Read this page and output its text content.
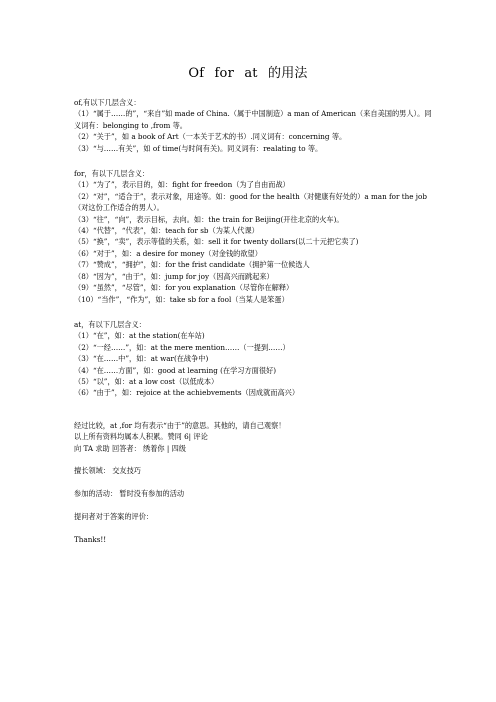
Of for at 的用法
of,有以下几层含义：
（1）“属于……的”，“来自”如 made of China.（属于中国制造）a man of American（来自美国的男人）。同义词有：belonging to ,from 等。
（2）“关于”，如 a book of Art（一本关于艺术的书）.同义词有：concerning 等。
（3）“与……有关”，如 of time(与时间有关)。同义词有：realating to 等。
for，有以下几层含义：
（1）“为了”，表示目的，如：fight for freedon（为了自由而战）
（2）“对”，“适合于”，表示对象，用途等。如：good for the health（对健康有好处的）a man for the job （对这份工作适合的男人）。
（3）“往”，“向”，表示目标，去向。如：the train for Beijing(开往北京的火车)。
（4）“代替”，“代表”，如：teach for sb（为某人代课）
（5）“换”，“卖”，表示等值的关系，如：sell it for twenty dollars(以二十元把它卖了)
（6）“对于”，如：a desire for money（对金钱的欲望）
（7）“赞成”，“拥护”，如：for the frist candidate（拥护第一位候选人
（8）“因为”，“由于”，如：jump for joy（因高兴而跳起来）
（9）“虽然”，“尽管”，如：for you explanation（尽管你在解释）
（10）“当作”，“作为”，如：take sb for a fool（当某人是笨蛋）
at，有以下几层含义：
（1）“在”，如：at the station(在车站)
（2）“一经……”，如：at the mere mention……（一提到……）
（3）“在……中”，如：at war(在战争中)
（4）“在……方面”，如：good at learning (在学习方面很好)
（5）“以”，如：at a low cost（以低成本）
（6）“由于”，如：rejoice at the achiebvements（因成就而高兴）
经过比较，at ,for 均有表示“由于”的意思。其他的，请自己观察！
以上所有资料均属本人积累。赞同 6| 评论
向 TA 求助 回答者： 绣着你 | 四级
擅长领域： 交友技巧
参加的活动： 暂时没有参加的活动
提问者对于答案的评价：
Thanks!!
